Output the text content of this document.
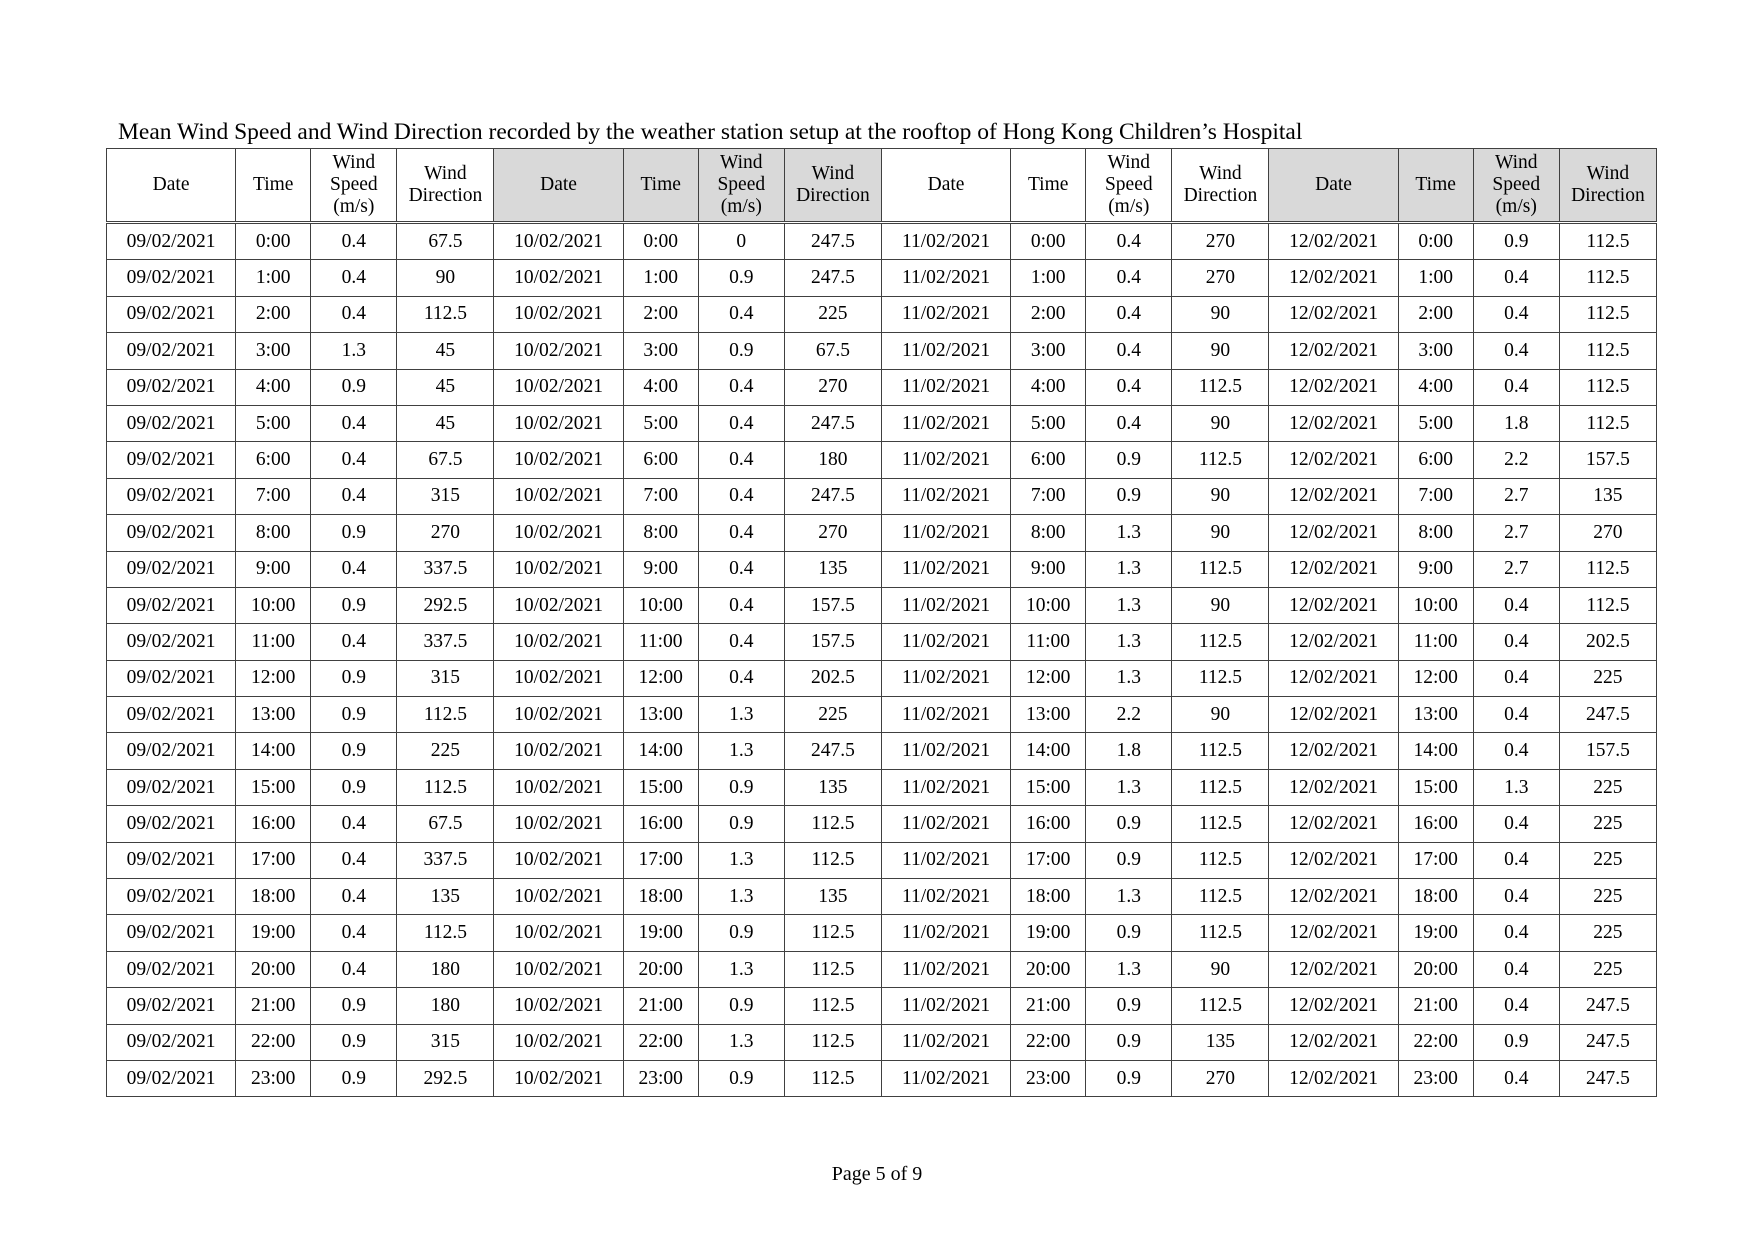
Mean Wind Speed and Wind Direction recorded by the weather station setup at the rooftop of Hong Kong Children’s Hospital
Date	Time	Wind
Speed
(m/s)	Wind
Direction	Date	Time	Wind
Speed
(m/s)	Wind
Direction	Date	Time	Wind
Speed
(m/s)	Wind
Direction	Date	Time	Wind
Speed
(m/s)	Wind
Direction
09/02/2021	0:00	0.4	67.5	10/02/2021	0:00	0	247.5	11/02/2021	0:00	0.4	270	12/02/2021	0:00	0.9	112.5
09/02/2021	1:00	0.4	90	10/02/2021	1:00	0.9	247.5	11/02/2021	1:00	0.4	270	12/02/2021	1:00	0.4	112.5
09/02/2021	2:00	0.4	112.5	10/02/2021	2:00	0.4	225	11/02/2021	2:00	0.4	90	12/02/2021	2:00	0.4	112.5
09/02/2021	3:00	1.3	45	10/02/2021	3:00	0.9	67.5	11/02/2021	3:00	0.4	90	12/02/2021	3:00	0.4	112.5
09/02/2021	4:00	0.9	45	10/02/2021	4:00	0.4	270	11/02/2021	4:00	0.4	112.5	12/02/2021	4:00	0.4	112.5
09/02/2021	5:00	0.4	45	10/02/2021	5:00	0.4	247.5	11/02/2021	5:00	0.4	90	12/02/2021	5:00	1.8	112.5
09/02/2021	6:00	0.4	67.5	10/02/2021	6:00	0.4	180	11/02/2021	6:00	0.9	112.5	12/02/2021	6:00	2.2	157.5
09/02/2021	7:00	0.4	315	10/02/2021	7:00	0.4	247.5	11/02/2021	7:00	0.9	90	12/02/2021	7:00	2.7	135
09/02/2021	8:00	0.9	270	10/02/2021	8:00	0.4	270	11/02/2021	8:00	1.3	90	12/02/2021	8:00	2.7	270
09/02/2021	9:00	0.4	337.5	10/02/2021	9:00	0.4	135	11/02/2021	9:00	1.3	112.5	12/02/2021	9:00	2.7	112.5
09/02/2021	10:00	0.9	292.5	10/02/2021	10:00	0.4	157.5	11/02/2021	10:00	1.3	90	12/02/2021	10:00	0.4	112.5
09/02/2021	11:00	0.4	337.5	10/02/2021	11:00	0.4	157.5	11/02/2021	11:00	1.3	112.5	12/02/2021	11:00	0.4	202.5
09/02/2021	12:00	0.9	315	10/02/2021	12:00	0.4	202.5	11/02/2021	12:00	1.3	112.5	12/02/2021	12:00	0.4	225
09/02/2021	13:00	0.9	112.5	10/02/2021	13:00	1.3	225	11/02/2021	13:00	2.2	90	12/02/2021	13:00	0.4	247.5
09/02/2021	14:00	0.9	225	10/02/2021	14:00	1.3	247.5	11/02/2021	14:00	1.8	112.5	12/02/2021	14:00	0.4	157.5
09/02/2021	15:00	0.9	112.5	10/02/2021	15:00	0.9	135	11/02/2021	15:00	1.3	112.5	12/02/2021	15:00	1.3	225
09/02/2021	16:00	0.4	67.5	10/02/2021	16:00	0.9	112.5	11/02/2021	16:00	0.9	112.5	12/02/2021	16:00	0.4	225
09/02/2021	17:00	0.4	337.5	10/02/2021	17:00	1.3	112.5	11/02/2021	17:00	0.9	112.5	12/02/2021	17:00	0.4	225
09/02/2021	18:00	0.4	135	10/02/2021	18:00	1.3	135	11/02/2021	18:00	1.3	112.5	12/02/2021	18:00	0.4	225
09/02/2021	19:00	0.4	112.5	10/02/2021	19:00	0.9	112.5	11/02/2021	19:00	0.9	112.5	12/02/2021	19:00	0.4	225
09/02/2021	20:00	0.4	180	10/02/2021	20:00	1.3	112.5	11/02/2021	20:00	1.3	90	12/02/2021	20:00	0.4	225
09/02/2021	21:00	0.9	180	10/02/2021	21:00	0.9	112.5	11/02/2021	21:00	0.9	112.5	12/02/2021	21:00	0.4	247.5
09/02/2021	22:00	0.9	315	10/02/2021	22:00	1.3	112.5	11/02/2021	22:00	0.9	135	12/02/2021	22:00	0.9	247.5
09/02/2021	23:00	0.9	292.5	10/02/2021	23:00	0.9	112.5	11/02/2021	23:00	0.9	270	12/02/2021	23:00	0.4	247.5
Page 5 of 9
